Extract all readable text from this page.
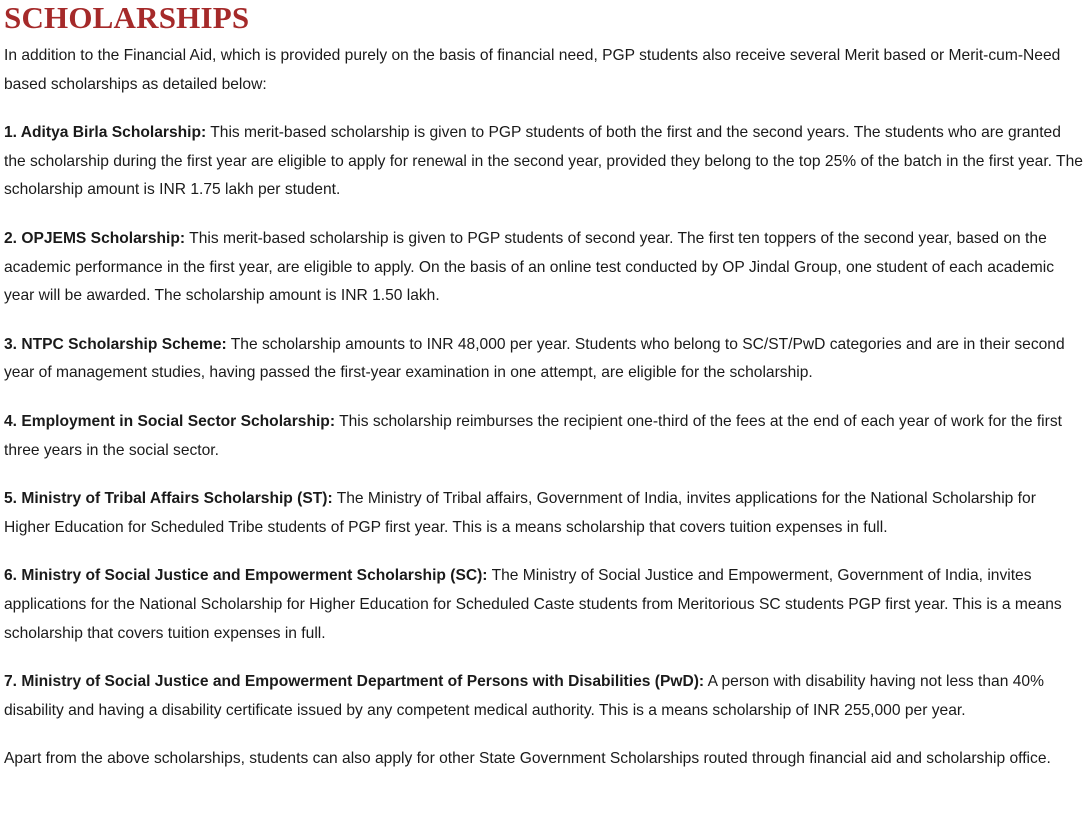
SCHOLARSHIPS

In addition to the Financial Aid, which is provided purely on the basis of financial need, PGP students also receive several Merit based or Merit-cum-Need based scholarships as detailed below:

1. Aditya Birla Scholarship: This merit-based scholarship is given to PGP students of both the first and the second years. The students who are granted the scholarship during the first year are eligible to apply for renewal in the second year, provided they belong to the top 25% of the batch in the first year. The scholarship amount is INR 1.75 lakh per student.

2. OPJEMS Scholarship: This merit-based scholarship is given to PGP students of second year. The first ten toppers of the second year, based on the academic performance in the first year, are eligible to apply. On the basis of an online test conducted by OP Jindal Group, one student of each academic year will be awarded. The scholarship amount is INR 1.50 lakh.

3. NTPC Scholarship Scheme: The scholarship amounts to INR 48,000 per year. Students who belong to SC/ST/PwD categories and are in their second year of management studies, having passed the first-year examination in one attempt, are eligible for the scholarship.

4. Employment in Social Sector Scholarship: This scholarship reimburses the recipient one-third of the fees at the end of each year of work for the first three years in the social sector.

5. Ministry of Tribal Affairs Scholarship (ST): The Ministry of Tribal affairs, Government of India, invites applications for the National Scholarship for Higher Education for Scheduled Tribe students of PGP first year. This is a means scholarship that covers tuition expenses in full.

6. Ministry of Social Justice and Empowerment Scholarship (SC): The Ministry of Social Justice and Empowerment, Government of India, invites applications for the National Scholarship for Higher Education for Scheduled Caste students from Meritorious SC students PGP first year. This is a means scholarship that covers tuition expenses in full.

7. Ministry of Social Justice and Empowerment Department of Persons with Disabilities (PwD): A person with disability having not less than 40% disability and having a disability certificate issued by any competent medical authority. This is a means scholarship of INR 255,000 per year.

Apart from the above scholarships, students can also apply for other State Government Scholarships routed through financial aid and scholarship office.
